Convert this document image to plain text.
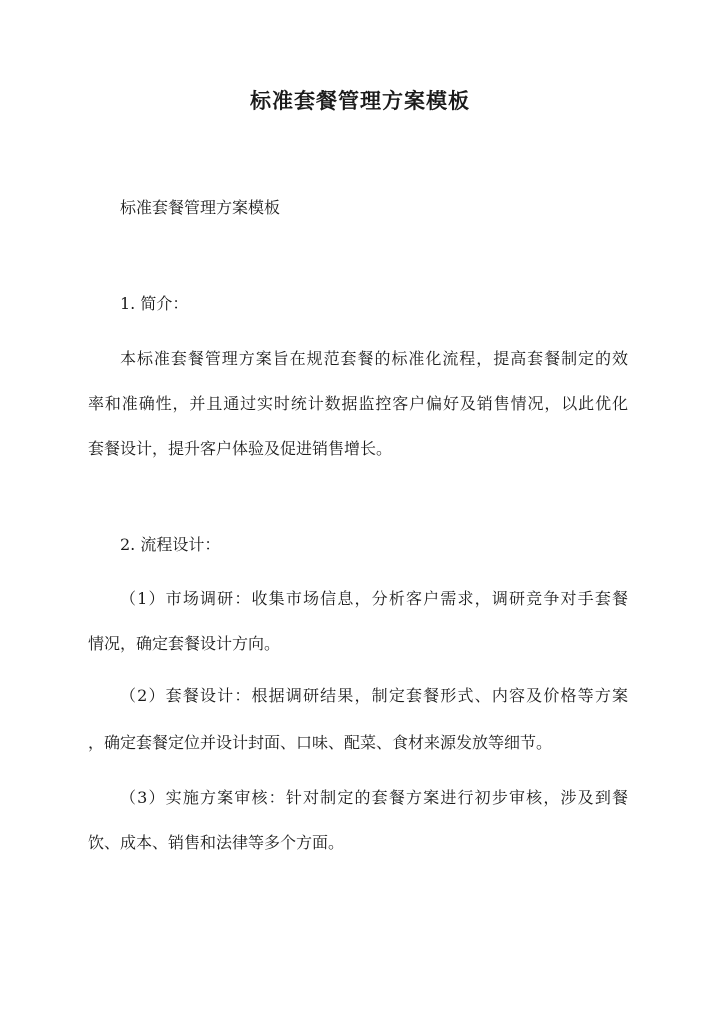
标准套餐管理方案模板

标准套餐管理方案模板

1. 简介：

本标准套餐管理方案旨在规范套餐的标准化流程，提高套餐制定的效

率和准确性，并且通过实时统计数据监控客户偏好及销售情况，以此优化

套餐设计，提升客户体验及促进销售增长。

2. 流程设计：

（1）市场调研：收集市场信息，分析客户需求，调研竞争对手套餐

情况，确定套餐设计方向。

（2）套餐设计：根据调研结果，制定套餐形式、内容及价格等方案

，确定套餐定位并设计封面、口味、配菜、食材来源发放等细节。

（3）实施方案审核：针对制定的套餐方案进行初步审核，涉及到餐

饮、成本、销售和法律等多个方面。
